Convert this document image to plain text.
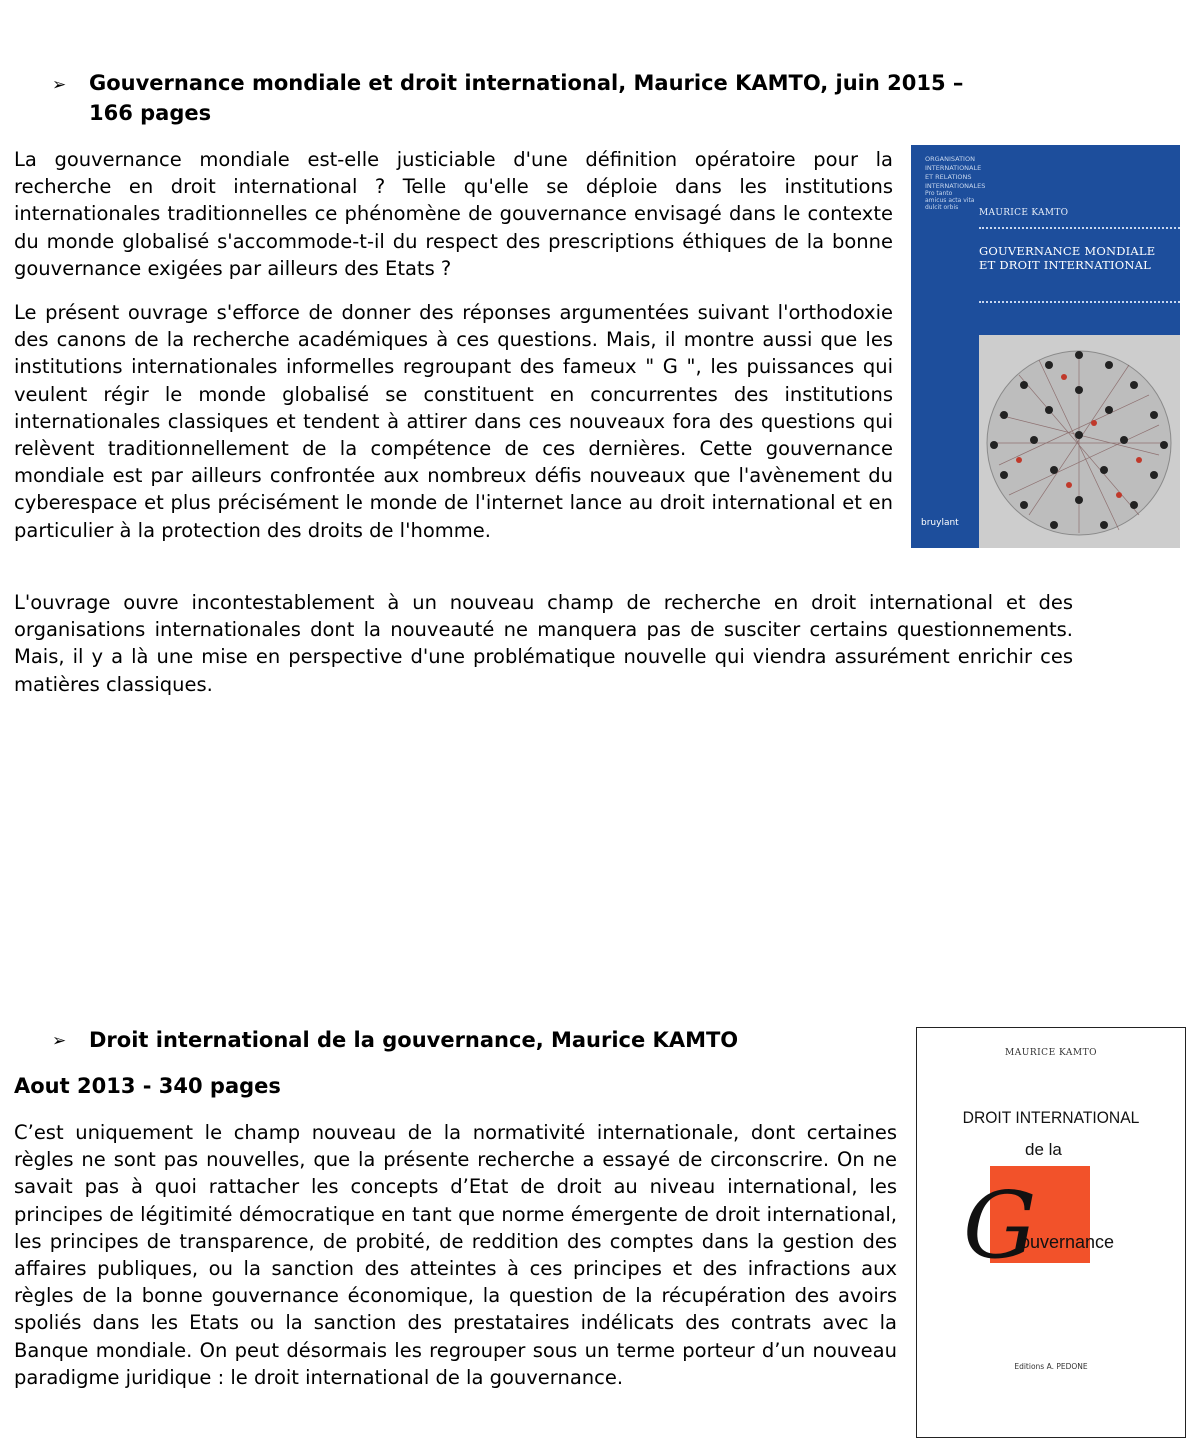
➢ Gouvernance mondiale et droit international, Maurice KAMTO, juin 2015 –
166 pages

La gouvernance mondiale est-elle justiciable d'une définition opératoire pour la recherche en droit international ? Telle qu'elle se déploie dans les institutions internationales traditionnelles ce phénomène de gouvernance envisagé dans le contexte du monde globalisé s'accommode-t-il du respect des prescriptions éthiques de la bonne gouvernance exigées par ailleurs des Etats ?

Le présent ouvrage s'efforce de donner des réponses argumentées suivant l'orthodoxie des canons de la recherche académiques à ces questions. Mais, il montre aussi que les institutions internationales informelles regroupant des fameux " G ", les puissances qui veulent régir le monde globalisé se constituent en concurrentes des institutions internationales classiques et tendent à attirer dans ces nouveaux fora des questions qui relèvent traditionnellement de la compétence de ces dernières. Cette gouvernance mondiale est par ailleurs confrontée aux nombreux défis nouveaux que l'avènement du cyberespace et plus précisément le monde de l'internet lance au droit international et en particulier à la protection des droits de l'homme.

L'ouvrage ouvre incontestablement à un nouveau champ de recherche en droit international et des organisations internationales dont la nouveauté ne manquera pas de susciter certains questionnements. Mais, il y a là une mise en perspective d'une problématique nouvelle qui viendra assurément enrichir ces matières classiques.

ORGANISATION INTERNATIONALE ET RELATIONS INTERNATIONALES
Pro tanto amicus acta vita dulcit orbis
MAURICE KAMTO
GOUVERNANCE MONDIALE
ET DROIT INTERNATIONAL
bruylant
➢ Droit international de la gouvernance, Maurice KAMTO
Aout 2013 - 340 pages

C’est uniquement le champ nouveau de la normativité internationale, dont certaines règles ne sont pas nouvelles, que la présente recherche a essayé de circonscrire. On ne savait pas à quoi rattacher les concepts d’Etat de droit au niveau international, les principes de légitimité démocratique en tant que norme émergente de droit international, les principes de transparence, de probité, de reddition des comptes dans la gestion des affaires publiques, ou la sanction des atteintes à ces principes et des infractions aux règles de la bonne gouvernance économique, la question de la récupération des avoirs spoliés dans les Etats ou la sanction des prestataires indélicats des contrats avec la Banque mondiale. On peut désormais les regrouper sous un terme porteur d’un nouveau paradigme juridique : le droit international de la gouvernance.

MAURICE KAMTO
DROIT INTERNATIONAL
de la
G
ouvernance
Editions A. PEDONE
